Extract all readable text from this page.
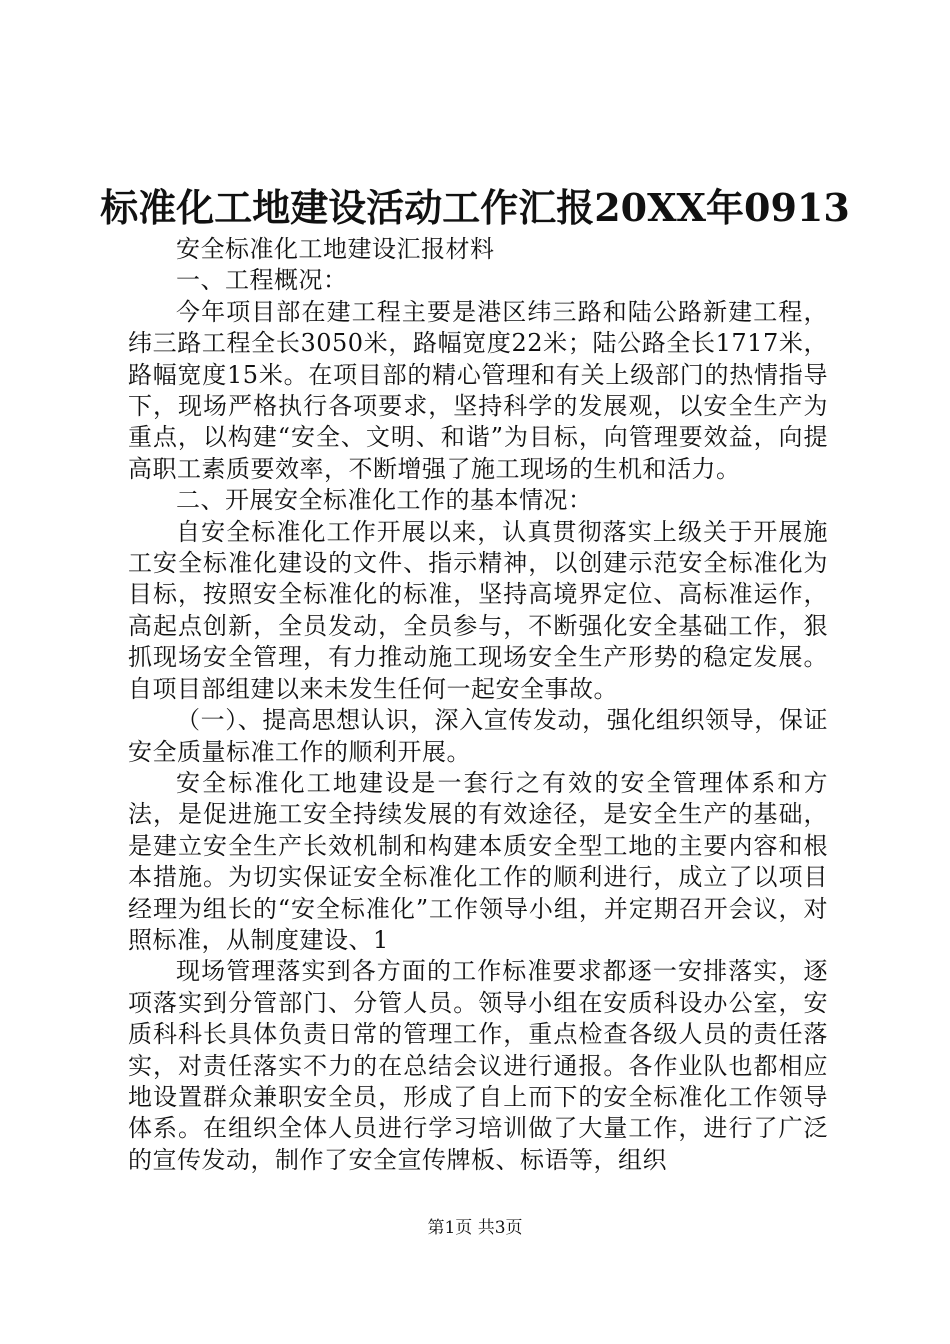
标准化工地建设活动工作汇报20XX年0913

安全标准化工地建设汇报材料

一、工程概况：

今年项目部在建工程主要是港区纬三路和陆公路新建工程，纬三路工程全长3050米，路幅宽度22米；陆公路全长1717米，路幅宽度15米。在项目部的精心管理和有关上级部门的热情指导下，现场严格执行各项要求，坚持科学的发展观，以安全生产为重点，以构建“安全、文明、和谐”为目标，向管理要效益，向提高职工素质要效率，不断增强了施工现场的生机和活力。

二、开展安全标准化工作的基本情况：

自安全标准化工作开展以来，认真贯彻落实上级关于开展施工安全标准化建设的文件、指示精神，以创建示范安全标准化为目标，按照安全标准化的标准，坚持高境界定位、高标准运作，高起点创新，全员发动，全员参与，不断强化安全基础工作，狠抓现场安全管理，有力推动施工现场安全生产形势的稳定发展。自项目部组建以来未发生任何一起安全事故。

（一）、提高思想认识，深入宣传发动，强化组织领导，保证安全质量标准工作的顺利开展。

安全标准化工地建设是一套行之有效的安全管理体系和方法，是促进施工安全持续发展的有效途径，是安全生产的基础，是建立安全生产长效机制和构建本质安全型工地的主要内容和根本措施。为切实保证安全标准化工作的顺利进行，成立了以项目经理为组长的“安全标准化”工作领导小组，并定期召开会议，对照标准，从制度建设、1

现场管理落实到各方面的工作标准要求都逐一安排落实，逐项落实到分管部门、分管人员。领导小组在安质科设办公室，安质科科长具体负责日常的管理工作，重点检查各级人员的责任落实，对责任落实不力的在总结会议进行通报。各作业队也都相应地设置群众兼职安全员，形成了自上而下的安全标准化工作领导体系。在组织全体人员进行学习培训做了大量工作，进行了广泛的宣传发动，制作了安全宣传牌板、标语等，组织

第1页 共3页
